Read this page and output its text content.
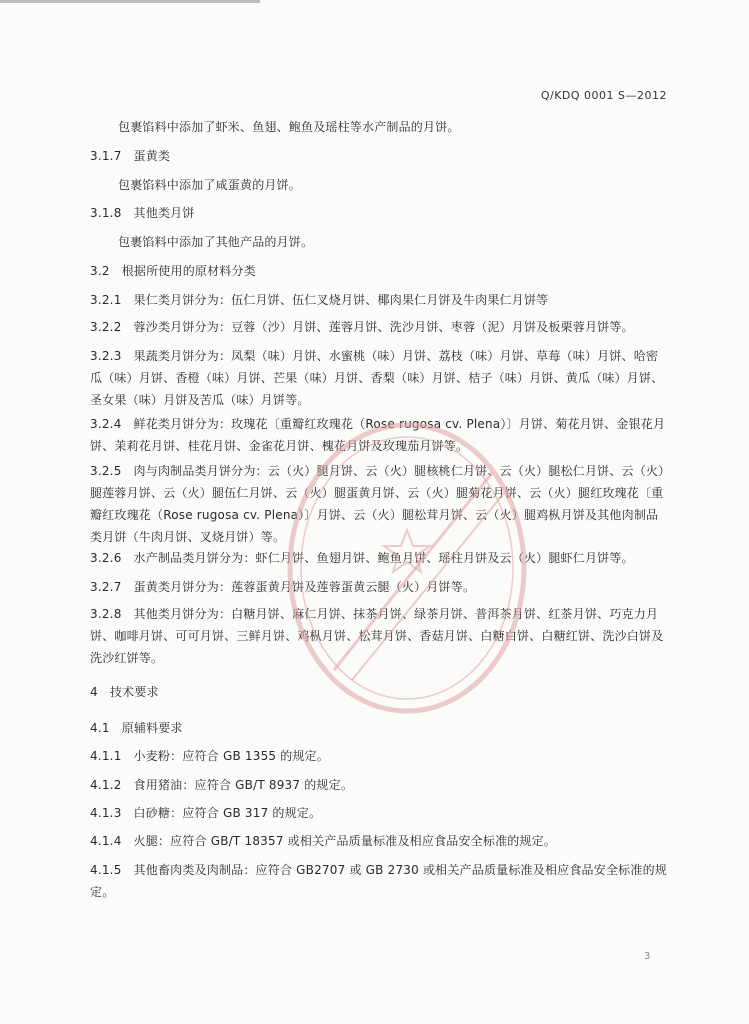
Q/KDQ 0001 S—2012
包裹馅料中添加了虾米、鱼翅、鲍鱼及瑶柱等水产制品的月饼。
3.1.7 蛋黄类
包裹馅料中添加了咸蛋黄的月饼。
3.1.8 其他类月饼
包裹馅料中添加了其他产品的月饼。
3.2 根据所使用的原材料分类
3.2.1 果仁类月饼分为：伍仁月饼、伍仁叉烧月饼、椰肉果仁月饼及牛肉果仁月饼等
3.2.2 蓉沙类月饼分为：豆蓉（沙）月饼、莲蓉月饼、洗沙月饼、枣蓉（泥）月饼及板栗蓉月饼等。
3.2.3 果蔬类月饼分为：凤梨（味）月饼、水蜜桃（味）月饼、荔枝（味）月饼、草莓（味）月饼、哈密瓜（味）月饼、香橙（味）月饼、芒果（味）月饼、香梨（味）月饼、桔子（味）月饼、黄瓜（味）月饼、圣女果（味）月饼及苦瓜（味）月饼等。
3.2.4 鲜花类月饼分为：玫瑰花〔重瓣红玫瑰花（Rose rugosa cv. Plena）〕月饼、菊花月饼、金银花月饼、茉莉花月饼、桂花月饼、金雀花月饼、槐花月饼及玫瑰茄月饼等。
3.2.5 肉与肉制品类月饼分为：云（火）腿月饼、云（火）腿核桃仁月饼、云（火）腿松仁月饼、云（火）腿莲蓉月饼、云（火）腿伍仁月饼、云（火）腿蛋黄月饼、云（火）腿菊花月饼、云（火）腿红玫瑰花〔重瓣红玫瑰花（Rose rugosa cv. Plena）〕月饼、云（火）腿松茸月饼、云（火）腿鸡枞月饼及其他肉制品类月饼（牛肉月饼、叉烧月饼）等。
3.2.6 水产制品类月饼分为：虾仁月饼、鱼翅月饼、鲍鱼月饼、瑶柱月饼及云（火）腿虾仁月饼等。
3.2.7 蛋黄类月饼分为：莲蓉蛋黄月饼及莲蓉蛋黄云腿（火）月饼等。
3.2.8 其他类月饼分为：白糖月饼、麻仁月饼、抹茶月饼、绿茶月饼、普洱茶月饼、红茶月饼、巧克力月饼、咖啡月饼、可可月饼、三鲜月饼、鸡枞月饼、松茸月饼、香菇月饼、白糖白饼、白糖红饼、洗沙白饼及洗沙红饼等。
4 技术要求
4.1 原辅料要求
4.1.1 小麦粉：应符合 GB 1355 的规定。
4.1.2 食用猪油：应符合 GB/T 8937 的规定。
4.1.3 白砂糖：应符合 GB 317 的规定。
4.1.4 火腿：应符合 GB/T 18357 或相关产品质量标准及相应食品安全标准的规定。
4.1.5 其他畜肉类及肉制品：应符合 GB2707 或 GB 2730 或相关产品质量标准及相应食品安全标准的规定。
3
